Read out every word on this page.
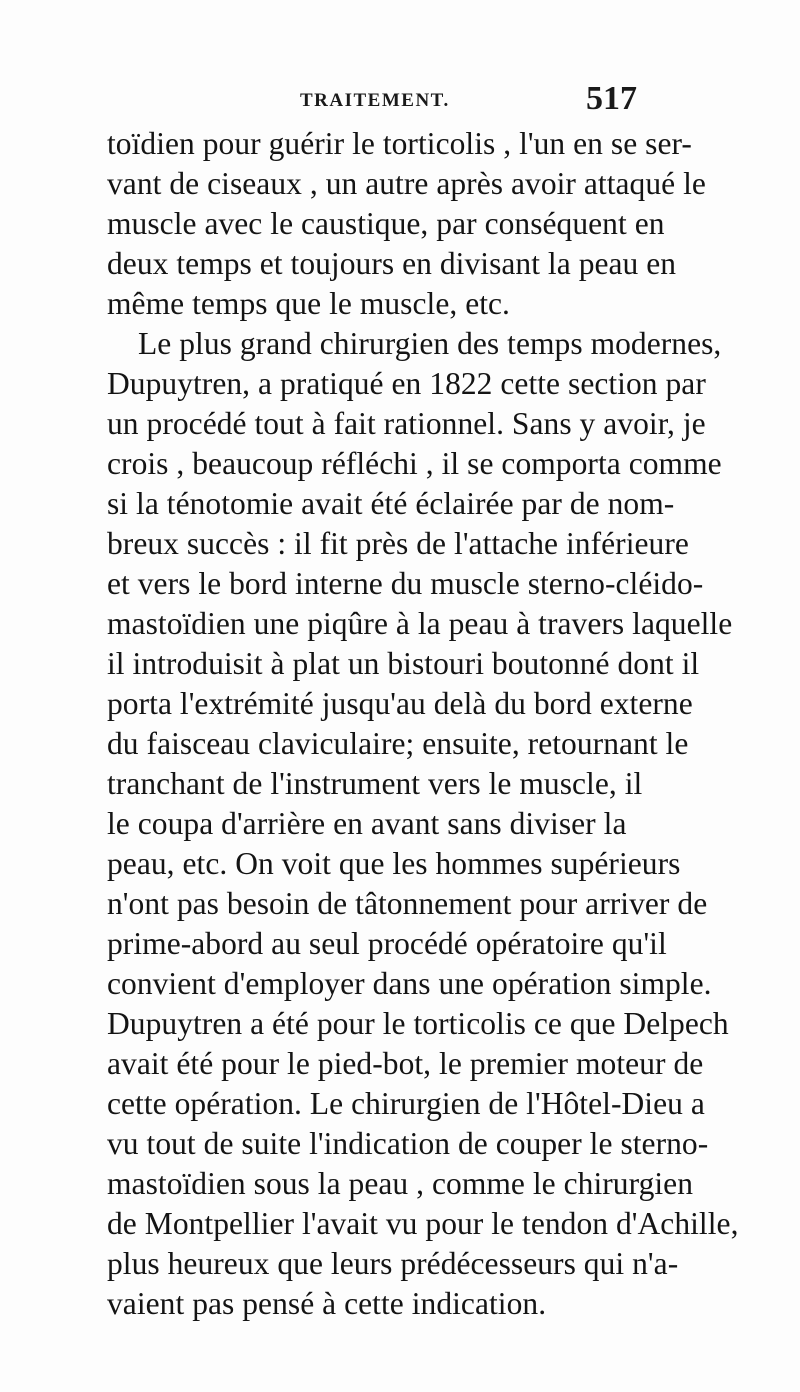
TRAITEMENT.	517
toïdien pour guérir le torticolis , l'un en se ser-
vant de ciseaux , un autre après avoir attaqué le
muscle avec le caustique, par conséquent en
deux temps et toujours en divisant la peau en
même temps que le muscle, etc.
Le plus grand chirurgien des temps modernes,
Dupuytren, a pratiqué en 1822 cette section par
un procédé tout à fait rationnel. Sans y avoir, je
crois , beaucoup réfléchi , il se comporta comme
si la ténotomie avait été éclairée par de nom-
breux succès : il fit près de l'attache inférieure
et vers le bord interne du muscle sterno-cléido-
mastoïdien une piqûre à la peau à travers laquelle
il introduisit à plat un bistouri boutonné dont il
porta l'extrémité jusqu'au delà du bord externe
du faisceau claviculaire; ensuite, retournant le
tranchant de l'instrument vers le muscle, il
le coupa d'arrière en avant sans diviser la
peau, etc. On voit que les hommes supérieurs
n'ont pas besoin de tâtonnement pour arriver de
prime-abord au seul procédé opératoire qu'il
convient d'employer dans une opération simple.
Dupuytren a été pour le torticolis ce que Delpech
avait été pour le pied-bot, le premier moteur de
cette opération. Le chirurgien de l'Hôtel-Dieu a
vu tout de suite l'indication de couper le sterno-
mastoïdien sous la peau , comme le chirurgien
de Montpellier l'avait vu pour le tendon d'Achille,
plus heureux que leurs prédécesseurs qui n'a-
vaient pas pensé à cette indication.
